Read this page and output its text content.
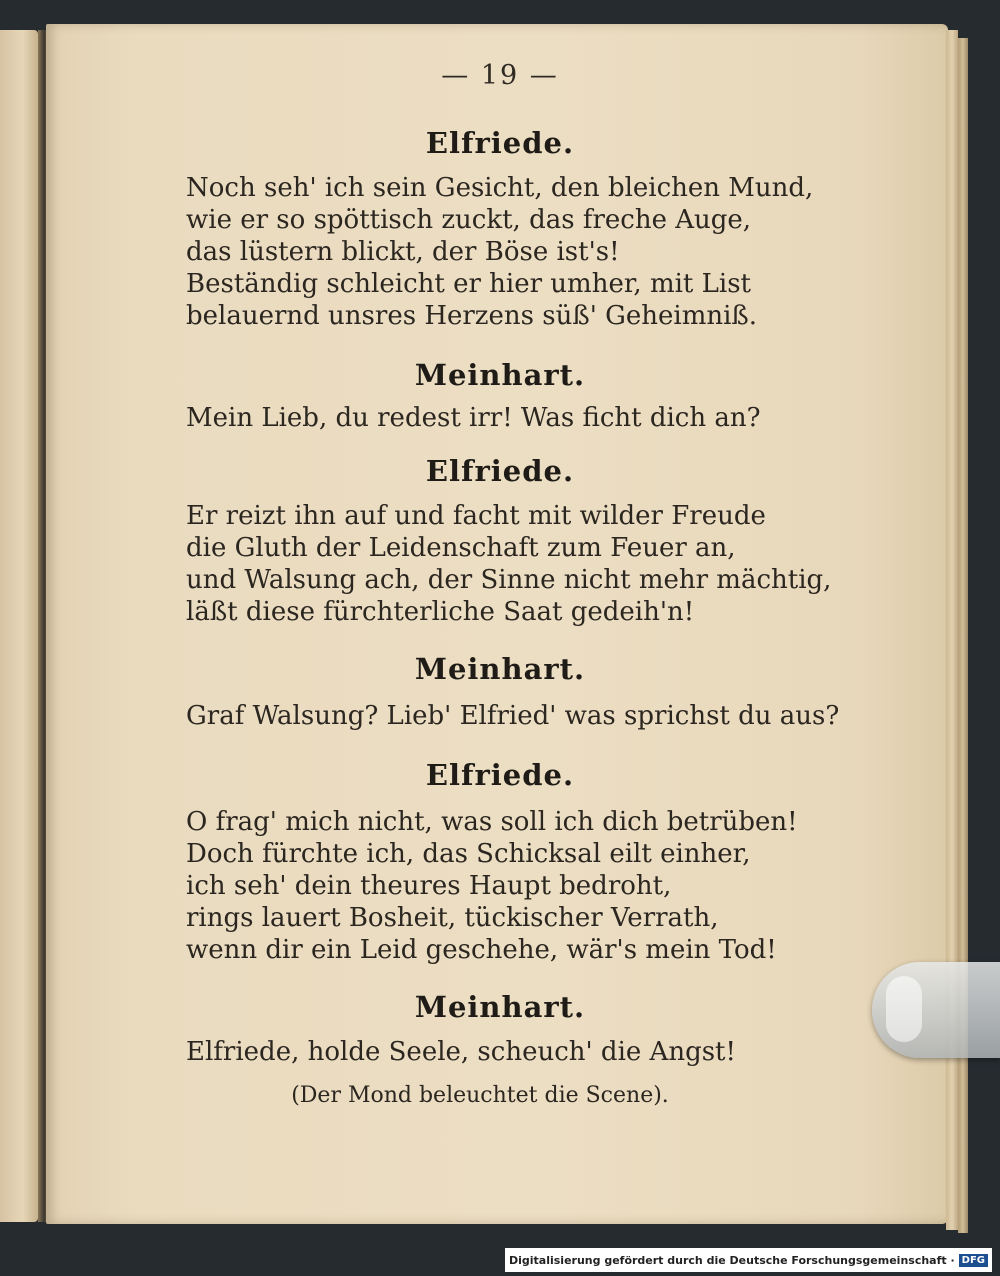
— 19 —
Elfriede.
Noch seh' ich sein Gesicht, den bleichen Mund,
wie er so spöttisch zuckt, das freche Auge,
das lüstern blickt, der Böse ist's!
Beständig schleicht er hier umher, mit List
belauernd unsres Herzens süß' Geheimniß.
Meinhart.
Mein Lieb, du redest irr! Was ficht dich an?
Elfriede.
Er reizt ihn auf und facht mit wilder Freude
die Gluth der Leidenschaft zum Feuer an,
und Walsung ach, der Sinne nicht mehr mächtig,
läßt diese fürchterliche Saat gedeih'n!
Meinhart.
Graf Walsung? Lieb' Elfried' was sprichst du aus?
Elfriede.
O frag' mich nicht, was soll ich dich betrüben!
Doch fürchte ich, das Schicksal eilt einher,
ich seh' dein theures Haupt bedroht,
rings lauert Bosheit, tückischer Verrath,
wenn dir ein Leid geschehe, wär's mein Tod!
Meinhart.
Elfriede, holde Seele, scheuch' die Angst!
(Der Mond beleuchtet die Scene).
Digitalisierung gefördert durch die Deutsche Forschungsgemeinschaft · DFG
